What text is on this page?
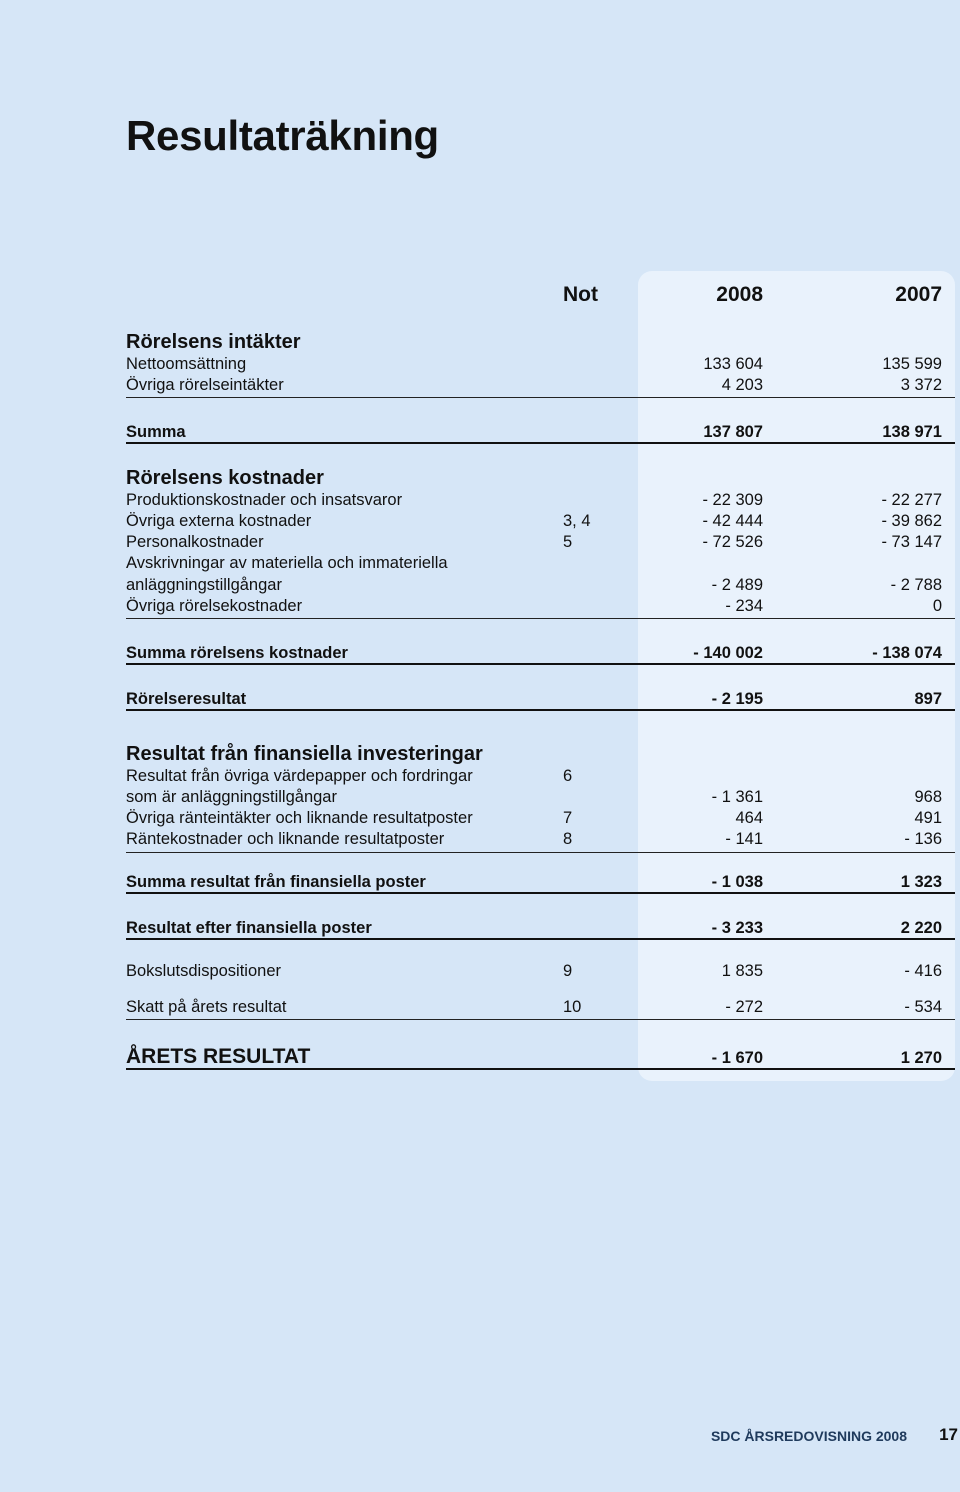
Resultaträkning
Not	2008	2007
Rörelsens intäkter
Nettoomsättning	133 604	135 599
Övriga rörelseintäkter	4 203	3 372
Summa	137 807	138 971
Rörelsens kostnader
Produktionskostnader och insatsvaror	- 22 309	- 22 277
Övriga externa kostnader	3, 4	- 42 444	- 39 862
Personalkostnader	5	- 72 526	- 73 147
Avskrivningar av materiella och immateriella
anläggningstillgångar	- 2 489	- 2 788
Övriga rörelsekostnader	- 234	0
Summa rörelsens kostnader	- 140 002	- 138 074
Rörelseresultat	- 2 195	897
Resultat från finansiella investeringar
Resultat från övriga värdepapper och fordringar	6
som är anläggningstillgångar	- 1 361	968
Övriga ränteintäkter och liknande resultatposter	7	464	491
Räntekostnader och liknande resultatposter	8	- 141	- 136
Summa resultat från finansiella poster	- 1 038	1 323
Resultat efter finansiella poster	- 3 233	2 220
Bokslutsdispositioner	9	1 835	- 416
Skatt på årets resultat	10	- 272	- 534
ÅRETS RESULTAT	- 1 670	1 270
SDC ÅRSREDOVISNING 2008 17
